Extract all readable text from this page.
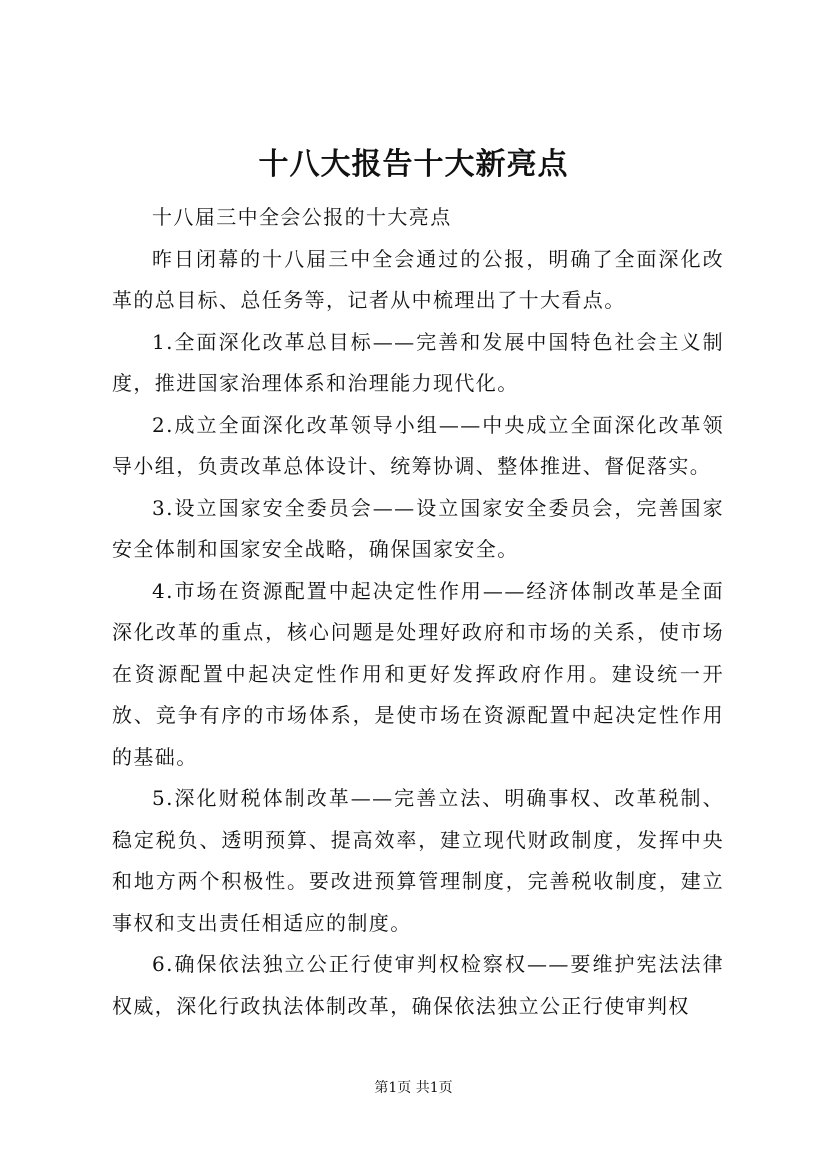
十八大报告十大新亮点

十八届三中全会公报的十大亮点

昨日闭幕的十八届三中全会通过的公报，明确了全面深化改革的总目标、总任务等，记者从中梳理出了十大看点。

1.全面深化改革总目标——完善和发展中国特色社会主义制度，推进国家治理体系和治理能力现代化。

2.成立全面深化改革领导小组——中央成立全面深化改革领导小组，负责改革总体设计、统筹协调、整体推进、督促落实。

3.设立国家安全委员会——设立国家安全委员会，完善国家安全体制和国家安全战略，确保国家安全。

4.市场在资源配置中起决定性作用——经济体制改革是全面深化改革的重点，核心问题是处理好政府和市场的关系，使市场在资源配置中起决定性作用和更好发挥政府作用。建设统一开放、竞争有序的市场体系，是使市场在资源配置中起决定性作用的基础。

5.深化财税体制改革——完善立法、明确事权、改革税制、稳定税负、透明预算、提高效率，建立现代财政制度，发挥中央和地方两个积极性。要改进预算管理制度，完善税收制度，建立事权和支出责任相适应的制度。

6.确保依法独立公正行使审判权检察权——要维护宪法法律权威，深化行政执法体制改革，确保依法独立公正行使审判权

第1页 共1页
